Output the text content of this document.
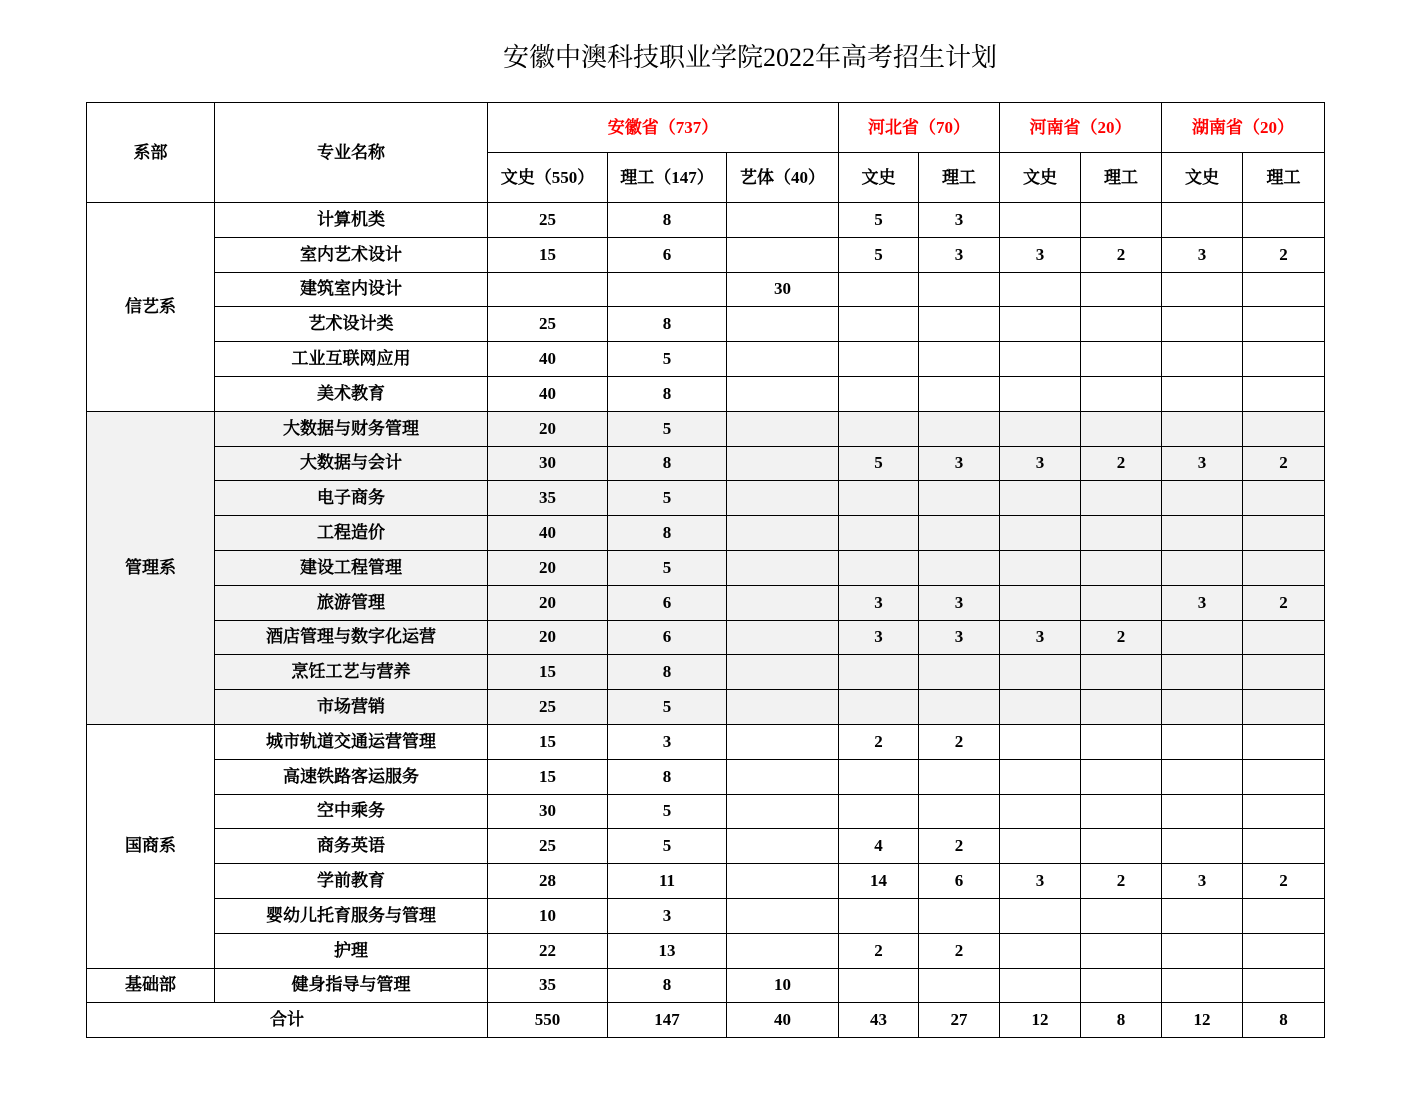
安徽中澳科技职业学院2022年高考招生计划
系部	专业名称	安徽省（737）			河北省（70）		河南省（20）		湖南省（20）	
		文史（550）	理工（147）	艺体（40）	文史	理工	文史	理工	文史	理工
信艺系	计算机类	25	8		5	3				
	室内艺术设计	15	6		5	3	3	2	3	2
	建筑室内设计			30						
	艺术设计类	25	8							
	工业互联网应用	40	5							
	美术教育	40	8							
管理系	大数据与财务管理	20	5							
	大数据与会计	30	8		5	3	3	2	3	2
	电子商务	35	5							
	工程造价	40	8							
	建设工程管理	20	5							
	旅游管理	20	6		3	3			3	2
	酒店管理与数字化运营	20	6		3	3	3	2		
	烹饪工艺与营养	15	8							
	市场营销	25	5							
国商系	城市轨道交通运营管理	15	3		2	2				
	高速铁路客运服务	15	8							
	空中乘务	30	5							
	商务英语	25	5		4	2				
	学前教育	28	11		14	6	3	2	3	2
	婴幼儿托育服务与管理	10	3							
	护理	22	13		2	2				
基础部	健身指导与管理	35	8	10						
合计		550	147	40	43	27	12	8	12	8
